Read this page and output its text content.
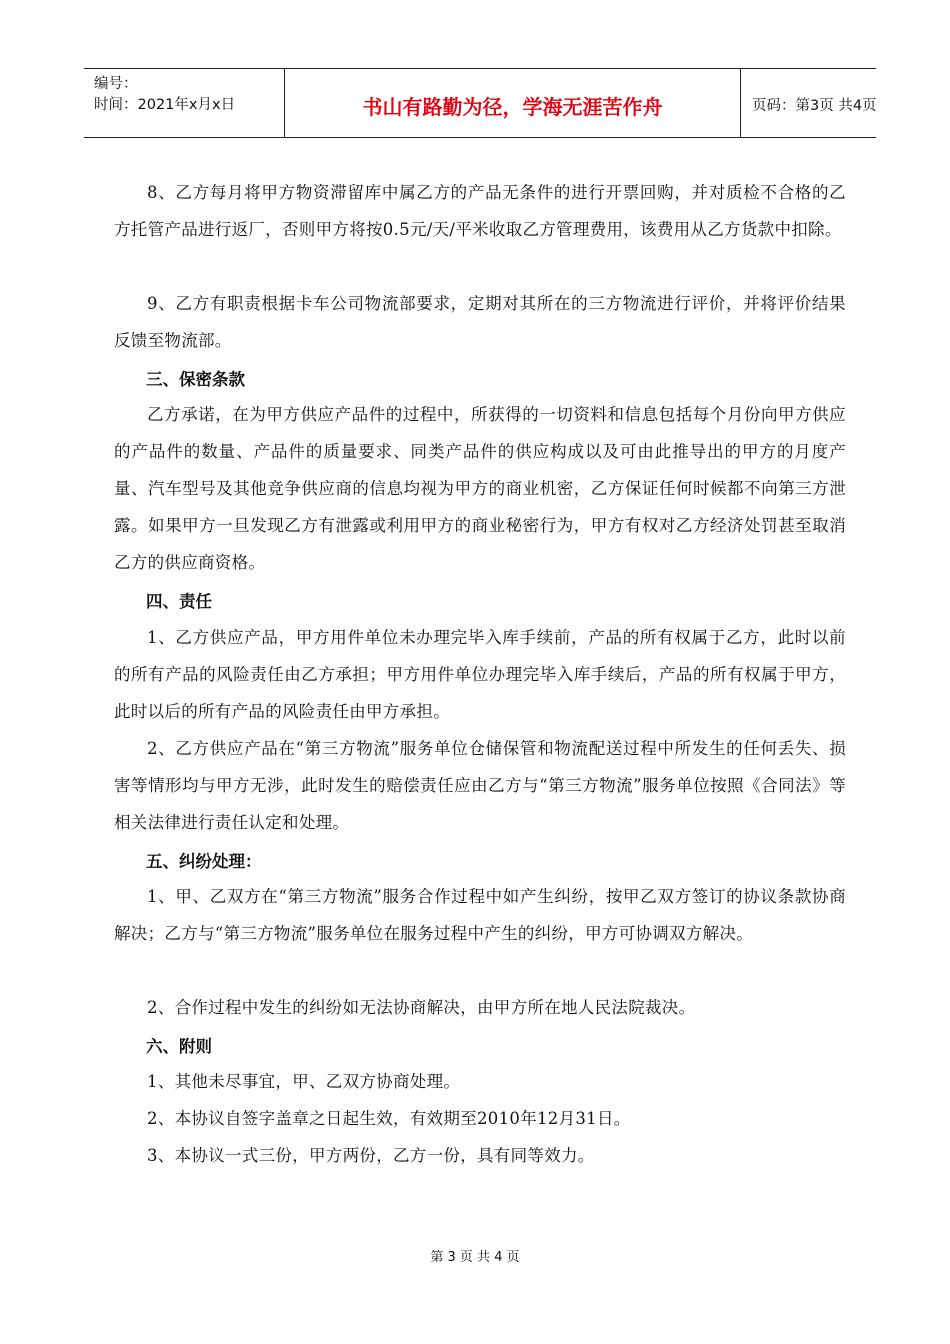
编号：
时间：2021年x月x日	书山有路勤为径，学海无涯苦作舟	页码：第3页 共4页

8、乙方每月将甲方物资滞留库中属乙方的产品无条件的进行开票回购，并对质检不合格的乙方托管产品进行返厂，否则甲方将按0.5元/天/平米收取乙方管理费用，该费用从乙方货款中扣除。

9、乙方有职责根据卡车公司物流部要求，定期对其所在的三方物流进行评价，并将评价结果反馈至物流部。

三、保密条款

乙方承诺，在为甲方供应产品件的过程中，所获得的一切资料和信息包括每个月份向甲方供应的产品件的数量、产品件的质量要求、同类产品件的供应构成以及可由此推导出的甲方的月度产量、汽车型号及其他竞争供应商的信息均视为甲方的商业机密，乙方保证任何时候都不向第三方泄露。如果甲方一旦发现乙方有泄露或利用甲方的商业秘密行为，甲方有权对乙方经济处罚甚至取消乙方的供应商资格。

四、责任

1、乙方供应产品，甲方用件单位未办理完毕入库手续前，产品的所有权属于乙方，此时以前的所有产品的风险责任由乙方承担；甲方用件单位办理完毕入库手续后，产品的所有权属于甲方，此时以后的所有产品的风险责任由甲方承担。

2、乙方供应产品在“第三方物流”服务单位仓储保管和物流配送过程中所发生的任何丢失、损害等情形均与甲方无涉，此时发生的赔偿责任应由乙方与“第三方物流”服务单位按照《合同法》等相关法律进行责任认定和处理。

五、纠纷处理：

1、甲、乙双方在“第三方物流”服务合作过程中如产生纠纷，按甲乙双方签订的协议条款协商解决；乙方与“第三方物流”服务单位在服务过程中产生的纠纷，甲方可协调双方解决。

2、合作过程中发生的纠纷如无法协商解决，由甲方所在地人民法院裁决。

六、附则

1、其他未尽事宜，甲、乙双方协商处理。

2、本协议自签字盖章之日起生效，有效期至2010年12月31日。

3、本协议一式三份，甲方两份，乙方一份，具有同等效力。

第 3 页 共 4 页
